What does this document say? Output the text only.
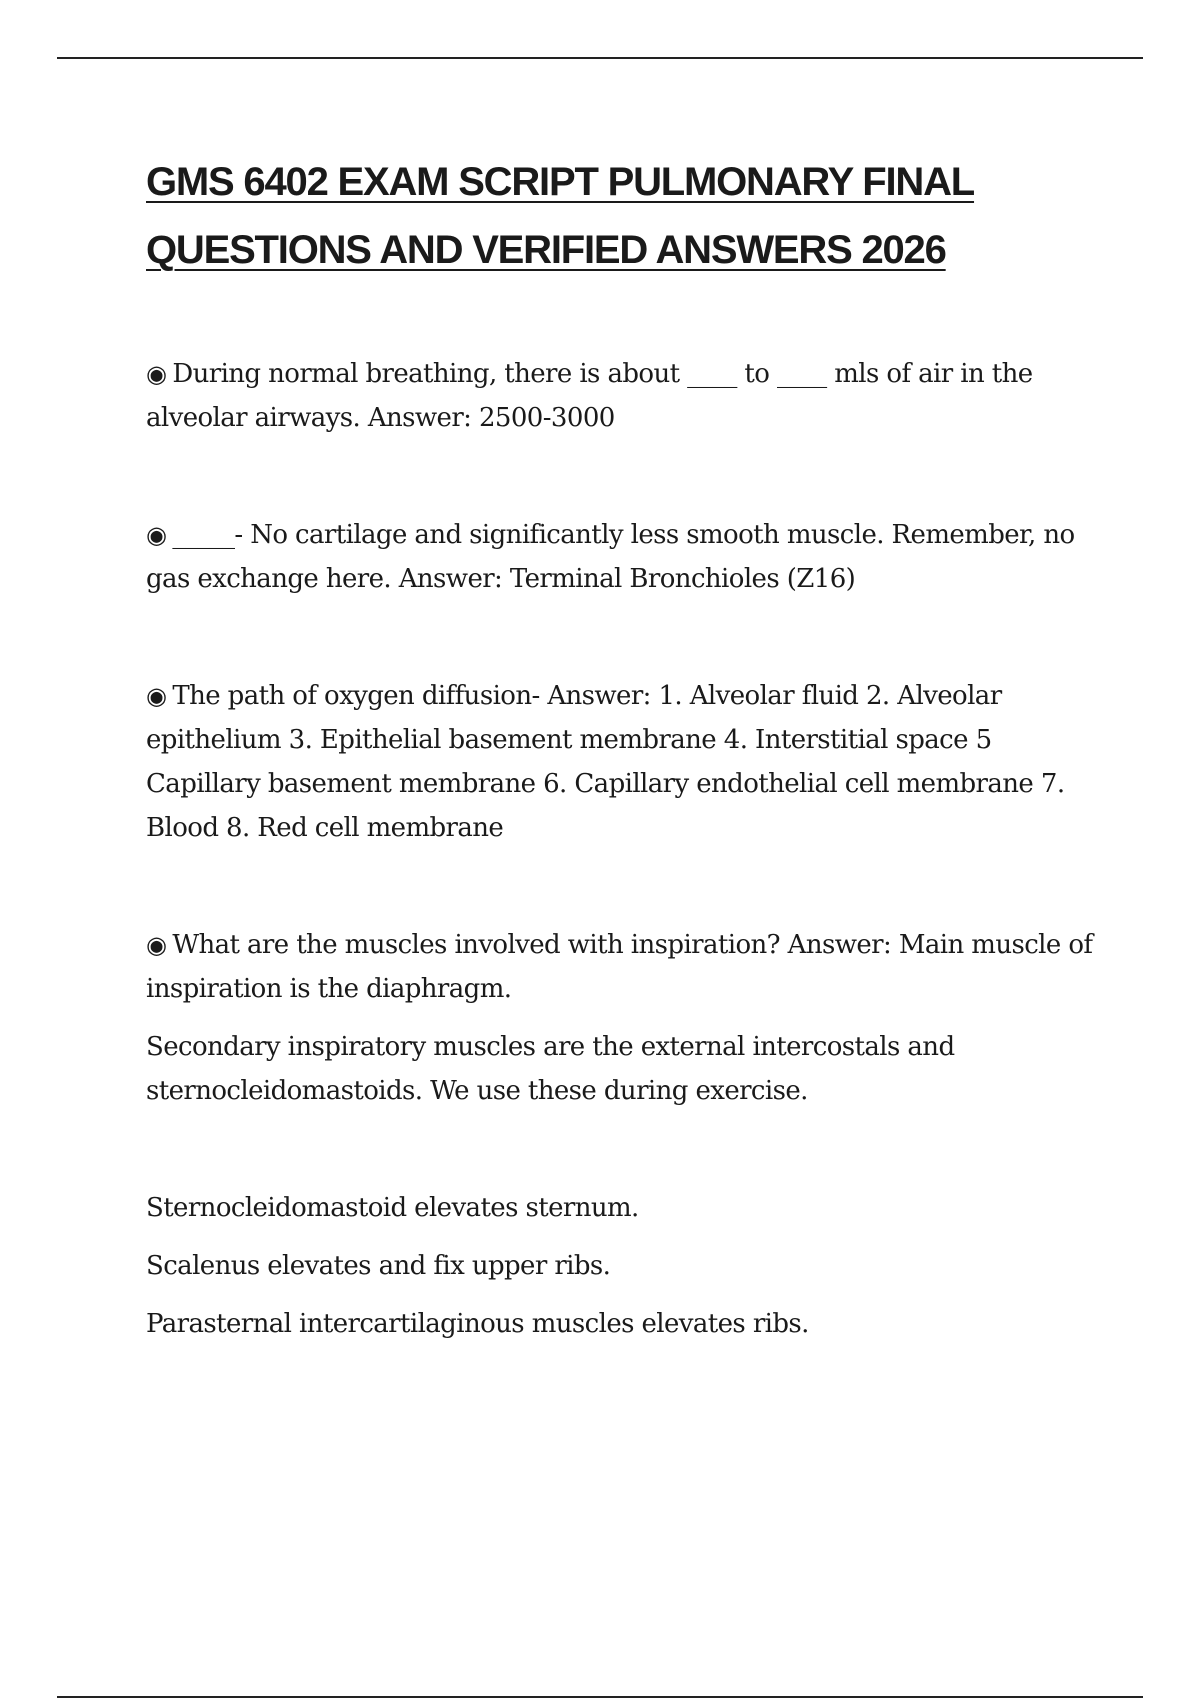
GMS 6402 EXAM SCRIPT PULMONARY FINAL QUESTIONS AND VERIFIED ANSWERS 2026

◉ During normal breathing, there is about ____ to ____ mls of air in the alveolar airways. Answer: 2500-3000

◉ _____- No cartilage and significantly less smooth muscle. Remember, no gas exchange here. Answer: Terminal Bronchioles (Z16)

◉ The path of oxygen diffusion- Answer: 1. Alveolar fluid 2. Alveolar epithelium 3. Epithelial basement membrane 4. Interstitial space 5 Capillary basement membrane 6. Capillary endothelial cell membrane 7. Blood 8. Red cell membrane

◉ What are the muscles involved with inspiration? Answer: Main muscle of inspiration is the diaphragm.

Secondary inspiratory muscles are the external intercostals and sternocleidomastoids. We use these during exercise.

Sternocleidomastoid elevates sternum.

Scalenus elevates and fix upper ribs.

Parasternal intercartilaginous muscles elevates ribs.
